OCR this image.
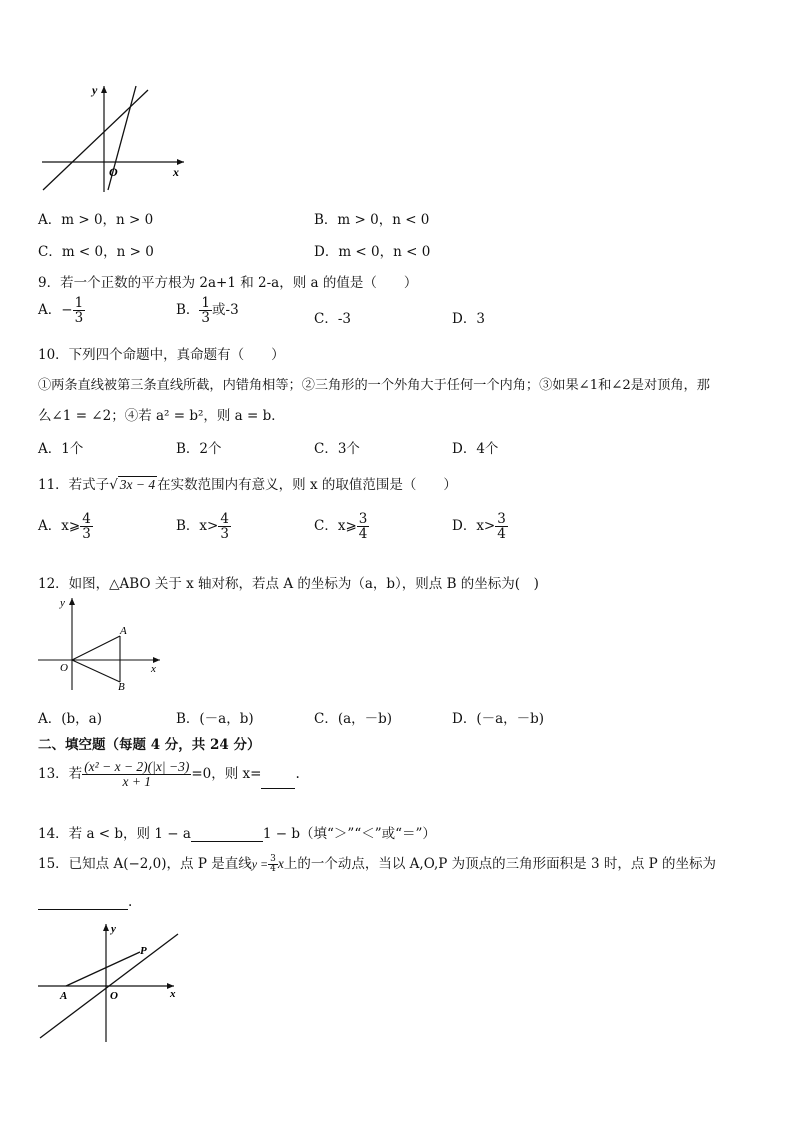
y
x
O
A．m > 0，n > 0	B．m > 0，n < 0
C．m < 0，n > 0	D．m < 0，n < 0
9．若一个正数的平方根为 2a+1 和 2-a，则 a 的值是（　　）
A．− $\frac{1}{3}$	B． $\frac{1}{3}$ 或-3
C．-3	D．3
10．下列四个命题中，真命题有（　　）
①两条直线被第三条直线所截，内错角相等；②三角形的一个外角大于任何一个内角；③如果∠1和∠2是对顶角，那
么∠1 = ∠2；④若 a² = b²，则 a = b．
A．1个	B．2个	C．3个	D．4个
11．若式子√ 3x − 4 在实数范围内有意义，则 x 的取值范围是（　　）
A．x⩾ $\frac{4}{3}$	B．$x> \frac{4}{3}$	C．x⩾ $\frac{3}{4}$	D．$x> \frac{3}{4}$
12．如图，△ABO 关于 x 轴对称，若点 A 的坐标为（a，b），则点 B 的坐标为(　)
y
x
O
A
B
A．(b，a)	B．(－a，b)	C．(a，－b)	D．(－a，－b)
二、填空题（每题 4 分，共 24 分）
13．若 $\frac{\text{(x² − x − 2)(|x| −3)}}{x + 1} =0$，则 x=	.
14．若 a < b，则 1 − a	1 − b（填“＞”“＜”或“＝”）
15．已知点 A(−2,0)，点 P 是直线$y = \frac{3}{4}$ x上的一个动点，当以 A,O,P 为顶点的三角形面积是 3 时，点 P 的坐标为
.
y
x
O
A
P
